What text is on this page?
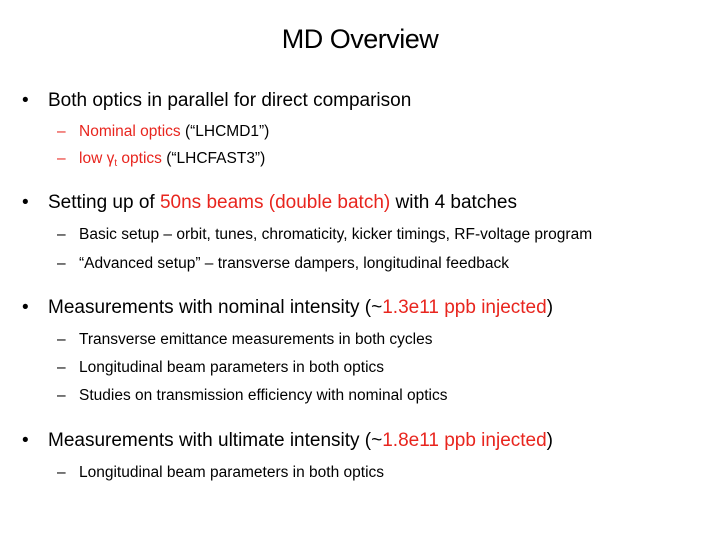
MD Overview
• Both optics in parallel for direct comparison
– Nominal optics (“LHCMD1”)
– low $\gamma_t$ optics (“LHCFAST3”)
• Setting up of 50ns beams (double batch) with 4 batches
– Basic setup – orbit, tunes, chromaticity, kicker timings, RF-voltage program
– “Advanced setup” – transverse dampers, longitudinal feedback
• Measurements with nominal intensity (~1.3e11 ppb injected)
– Transverse emittance measurements in both cycles
– Longitudinal beam parameters in both optics
– Studies on transmission efficiency with nominal optics
• Measurements with ultimate intensity (~1.8e11 ppb injected)
– Longitudinal beam parameters in both optics
